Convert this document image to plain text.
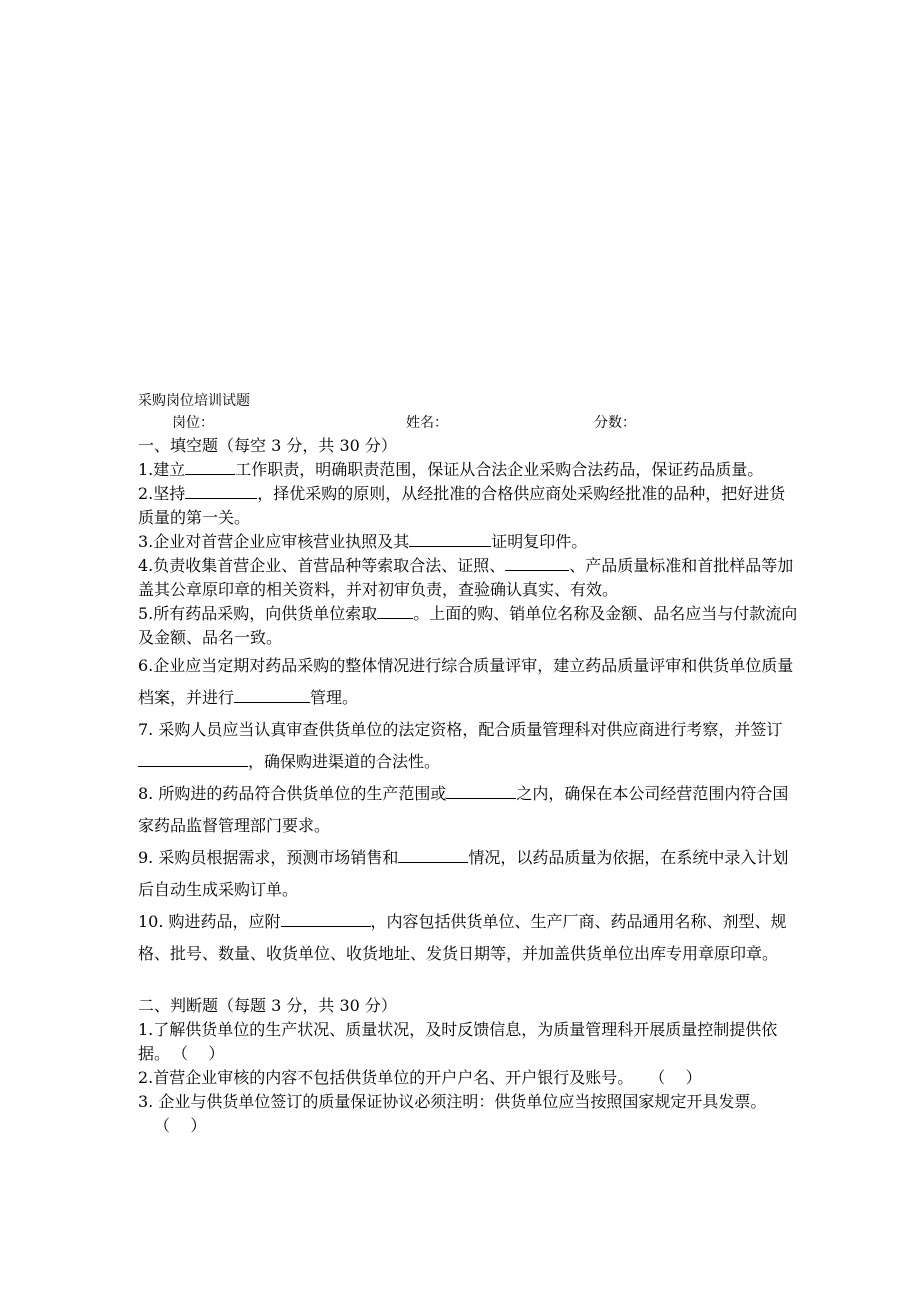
采购岗位培训试题
岗位：	姓名：	分数：
一、填空题（每空 3 分，共 30 分）
1.建立	工作职责，明确职责范围，保证从合法企业采购合法药品，保证药品质量。
2.坚持	，择优采购的原则，从经批准的合格供应商处采购经批准的品种，把好进货质量的第一关。
3.企业对首营企业应审核营业执照及其	证明复印件。
4.负责收集首营企业、首营品种等索取合法、证照、	、产品质量标准和首批样品等加盖其公章原印章的相关资料，并对初审负责，查验确认真实、有效。
5.所有药品采购，向供货单位索取 。上面的购、销单位名称及金额、品名应当与付款流向及金额、品名一致。
6.企业应当定期对药品采购的整体情况进行综合质量评审，建立药品质量评审和供货单位质量档案，并进行	管理。
7. 采购人员应当认真审查供货单位的法定资格，配合质量管理科对供应商进行考察，并签订，确保购进渠道的合法性。
8. 所购进的药品符合供货单位的生产范围或	之内，确保在本公司经营范围内符合国家药品监督管理部门要求。
9. 采购员根据需求，预测市场销售和	情况，以药品质量为依据，在系统中录入计划后自动生成采购订单。
10. 购进药品，应附	，内容包括供货单位、生产厂商、药品通用名称、剂型、规格、批号、数量、收货单位、收货地址、发货日期等，并加盖供货单位出库专用章原印章。
二、判断题（每题 3 分，共 30 分）
1.了解供货单位的生产状况、质量状况，及时反馈信息，为质量管理科开展质量控制提供依据。 （    ）
2.首营企业审核的内容不包括供货单位的开户户名、开户银行及账号。 （    ）
3. 企业与供货单位签订的质量保证协议必须注明：供货单位应当按照国家规定开具发票。（    ）
